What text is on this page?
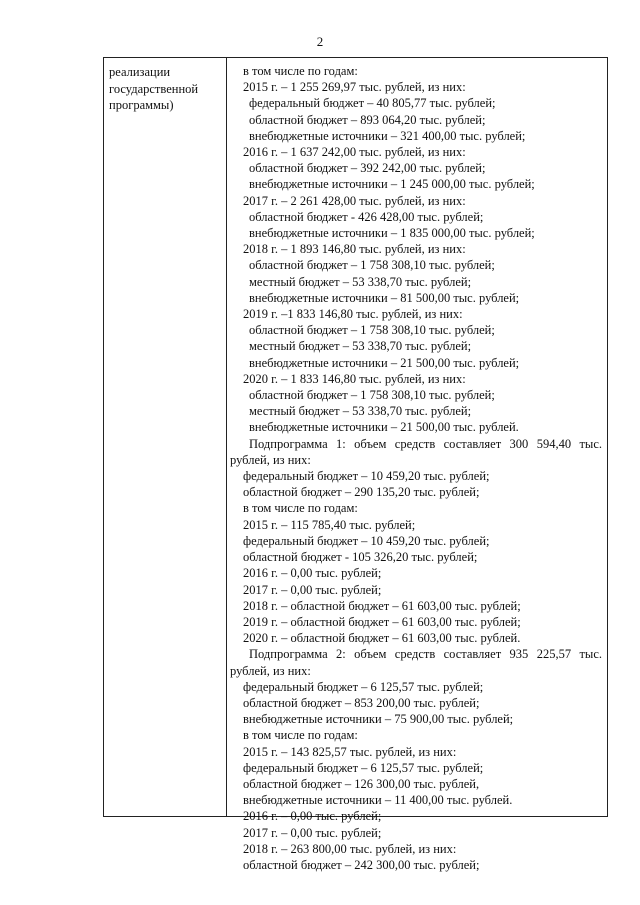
2
реализации
государственной
программы)
в том числе по годам:
2015 г. – 1 255 269,97 тыс. рублей, из них:
федеральный бюджет – 40 805,77 тыс. рублей;
областной бюджет – 893 064,20 тыс. рублей;
внебюджетные источники – 321 400,00 тыс. рублей;
2016 г. – 1 637 242,00 тыс. рублей, из них:
областной бюджет – 392 242,00 тыс. рублей;
внебюджетные источники – 1 245 000,00 тыс. рублей;
2017 г. – 2 261 428,00 тыс. рублей, из них:
областной бюджет - 426 428,00 тыс. рублей;
внебюджетные источники – 1 835 000,00 тыс. рублей;
2018 г. – 1 893 146,80 тыс. рублей, из них:
областной бюджет – 1 758 308,10 тыс. рублей;
местный бюджет – 53 338,70 тыс. рублей;
внебюджетные источники – 81 500,00 тыс. рублей;
2019 г. –1 833 146,80 тыс. рублей, из них:
областной бюджет – 1 758 308,10 тыс. рублей;
местный бюджет – 53 338,70 тыс. рублей;
внебюджетные источники – 21 500,00 тыс. рублей;
2020 г. – 1 833 146,80 тыс. рублей, из них:
областной бюджет – 1 758 308,10 тыс. рублей;
местный бюджет – 53 338,70 тыс. рублей;
внебюджетные источники – 21 500,00 тыс. рублей.
Подпрограмма 1: объем средств составляет 300 594,40 тыс. рублей, из них:
федеральный бюджет – 10 459,20 тыс. рублей;
областной бюджет – 290 135,20 тыс. рублей;
в том числе по годам:
2015 г. – 115 785,40 тыс. рублей;
федеральный бюджет – 10 459,20 тыс. рублей;
областной бюджет - 105 326,20 тыс. рублей;
2016 г. – 0,00 тыс. рублей;
2017 г. – 0,00 тыс. рублей;
2018 г. – областной бюджет – 61 603,00 тыс. рублей;
2019 г. – областной бюджет – 61 603,00 тыс. рублей;
2020 г. – областной бюджет – 61 603,00 тыс. рублей.
Подпрограмма 2: объем средств составляет 935 225,57 тыс. рублей, из них:
федеральный бюджет – 6 125,57 тыс. рублей;
областной бюджет – 853 200,00 тыс. рублей;
внебюджетные источники – 75 900,00 тыс. рублей;
в том числе по годам:
2015 г. – 143 825,57 тыс. рублей, из них:
федеральный бюджет – 6 125,57 тыс. рублей;
областной бюджет – 126 300,00 тыс. рублей,
внебюджетные источники – 11 400,00 тыс. рублей.
2016 г. – 0,00 тыс. рублей;
2017 г. – 0,00 тыс. рублей;
2018 г. – 263 800,00 тыс. рублей, из них:
областной бюджет – 242 300,00 тыс. рублей;
